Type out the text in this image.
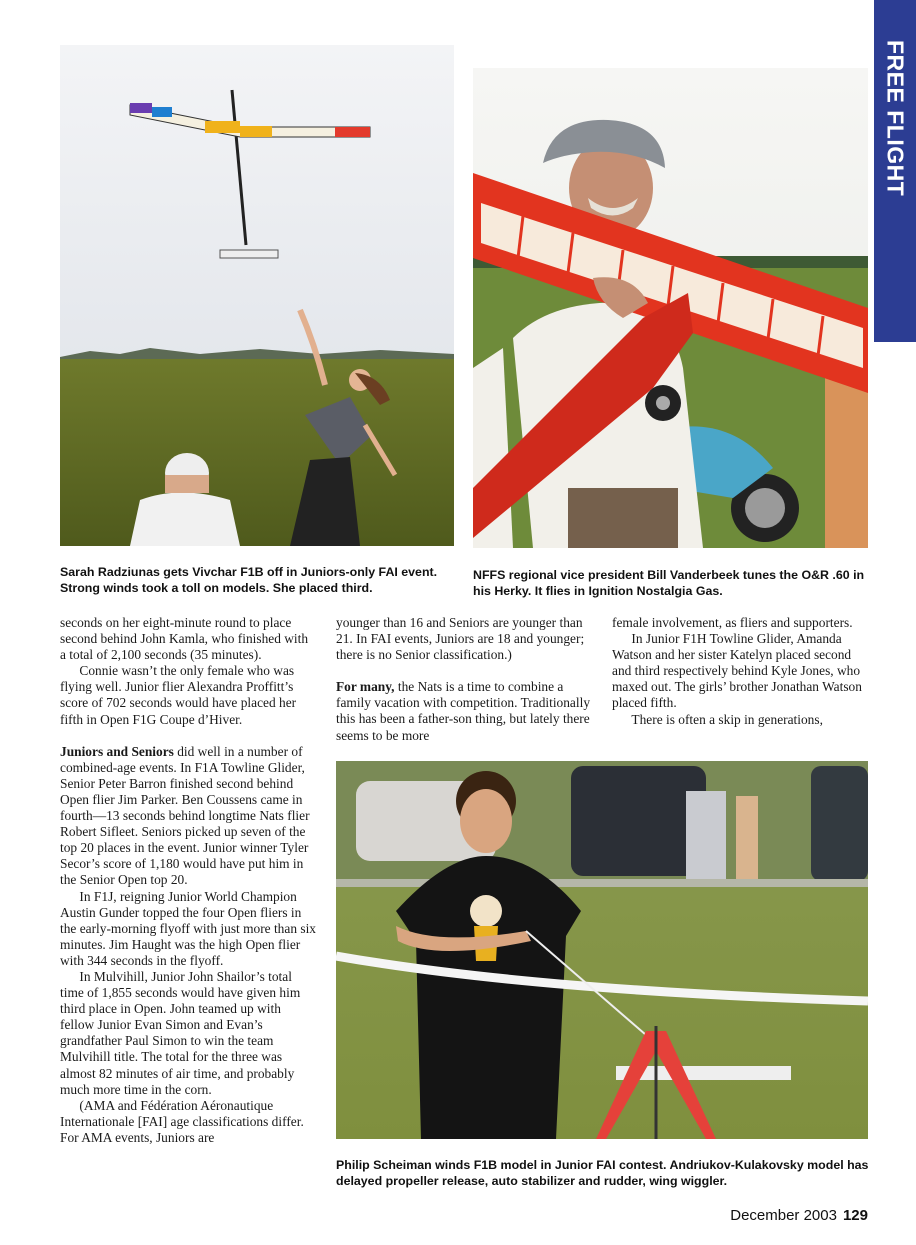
FREE FLIGHT
Sarah Radziunas gets Vivchar F1B off in Juniors-only FAI event. Strong winds took a toll on models. She placed third.
NFFS regional vice president Bill Vanderbeek tunes the O&R .60 in his Herky. It flies in Ignition Nostalgia Gas.

seconds on her eight-minute round to place second behind John Kamla, who finished with a total of 2,100 seconds (35 minutes).

Connie wasn’t the only female who was flying well. Junior flier Alexandra Proffitt’s score of 702 seconds would have placed her fifth in Open F1G Coupe d’Hiver.

Juniors and Seniors did well in a number of combined-age events. In F1A Towline Glider, Senior Peter Barron finished second behind Open flier Jim Parker. Ben Coussens came in fourth—13 seconds behind longtime Nats flier Robert Sifleet. Seniors picked up seven of the top 20 places in the event. Junior winner Tyler Secor’s score of 1,180 would have put him in the Senior Open top 20.

In F1J, reigning Junior World Champion Austin Gunder topped the four Open fliers in the early-morning flyoff with just more than six minutes. Jim Haught was the high Open flier with 344 seconds in the flyoff.

In Mulvihill, Junior John Shailor’s total time of 1,855 seconds would have given him third place in Open. John teamed up with fellow Junior Evan Simon and Evan’s grandfather Paul Simon to win the team Mulvihill title. The total for the three was almost 82 minutes of air time, and probably much more time in the corn.

(AMA and Fédération Aéronautique Internationale [FAI] age classifications differ. For AMA events, Juniors are

younger than 16 and Seniors are younger than 21. In FAI events, Juniors are 18 and younger; there is no Senior classification.)

For many, the Nats is a time to combine a family vacation with competition. Traditionally this has been a father-son thing, but lately there seems to be more

female involvement, as fliers and supporters.

In Junior F1H Towline Glider, Amanda Watson and her sister Katelyn placed second and third respectively behind Kyle Jones, who maxed out. The girls’ brother Jonathan Watson placed fifth.

There is often a skip in generations,

Philip Scheiman winds F1B model in Junior FAI contest. Andriukov-Kulakovsky model has delayed propeller release, auto stabilizer and rudder, wing wiggler.
December 2003 129
